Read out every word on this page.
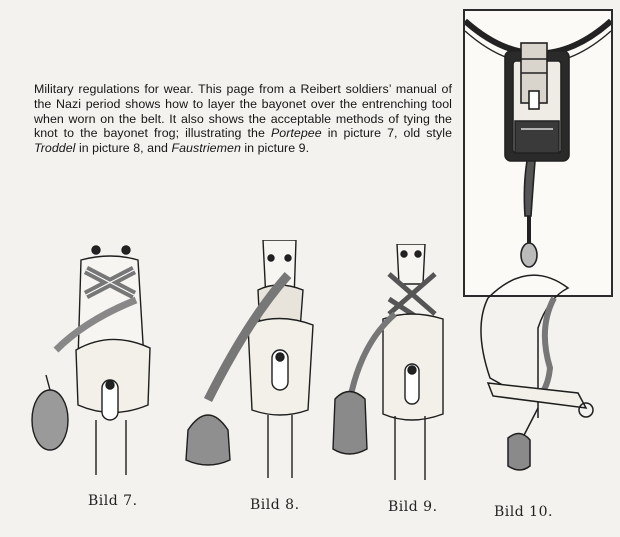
Military regulations for wear. This page from a Reibert soldiers’ manual of the Nazi period shows how to layer the bayonet over the entrenching tool when worn on the belt. It also shows the acceptable methods of tying the knot to the bayonet frog; illustrating the Portepee in picture 7, old style Troddel in picture 8, and Faustriemen in picture 9.

Bild 7.	Bild 8.	Bild 9.	Bild 10.
